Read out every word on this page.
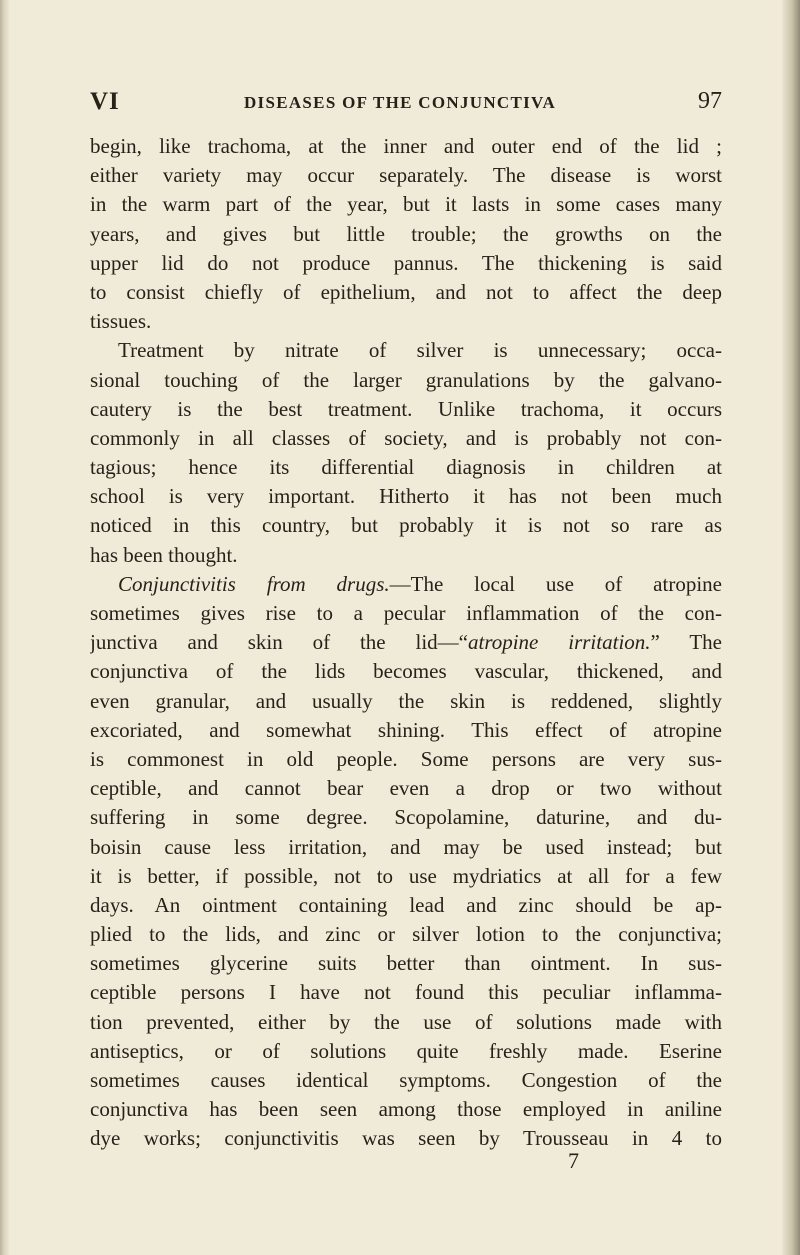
VI	DISEASES OF THE CONJUNCTIVA	97
begin, like trachoma, at the inner and outer end of the lid ;
either variety may occur separately. The disease is worst
in the warm part of the year, but it lasts in some cases many
years, and gives but little trouble; the growths on the
upper lid do not produce pannus. The thickening is said
to consist chiefly of epithelium, and not to affect the deep
tissues.
Treatment by nitrate of silver is unnecessary; occa-
sional touching of the larger granulations by the galvano-
cautery is the best treatment. Unlike trachoma, it occurs
commonly in all classes of society, and is probably not con-
tagious; hence its differential diagnosis in children at
school is very important. Hitherto it has not been much
noticed in this country, but probably it is not so rare as
has been thought.
Conjunctivitis from drugs.—The local use of atropine
sometimes gives rise to a pecular inflammation of the con-
junctiva and skin of the lid—“atropine irritation.” The
conjunctiva of the lids becomes vascular, thickened, and
even granular, and usually the skin is reddened, slightly
excoriated, and somewhat shining. This effect of atropine
is commonest in old people. Some persons are very sus-
ceptible, and cannot bear even a drop or two without
suffering in some degree. Scopolamine, daturine, and du-
boisin cause less irritation, and may be used instead; but
it is better, if possible, not to use mydriatics at all for a few
days. An ointment containing lead and zinc should be ap-
plied to the lids, and zinc or silver lotion to the conjunctiva;
sometimes glycerine suits better than ointment. In sus-
ceptible persons I have not found this peculiar inflamma-
tion prevented, either by the use of solutions made with
antiseptics, or of solutions quite freshly made. Eserine
sometimes causes identical symptoms. Congestion of the
conjunctiva has been seen among those employed in aniline
dye works; conjunctivitis was seen by Trousseau in 4 to
7
